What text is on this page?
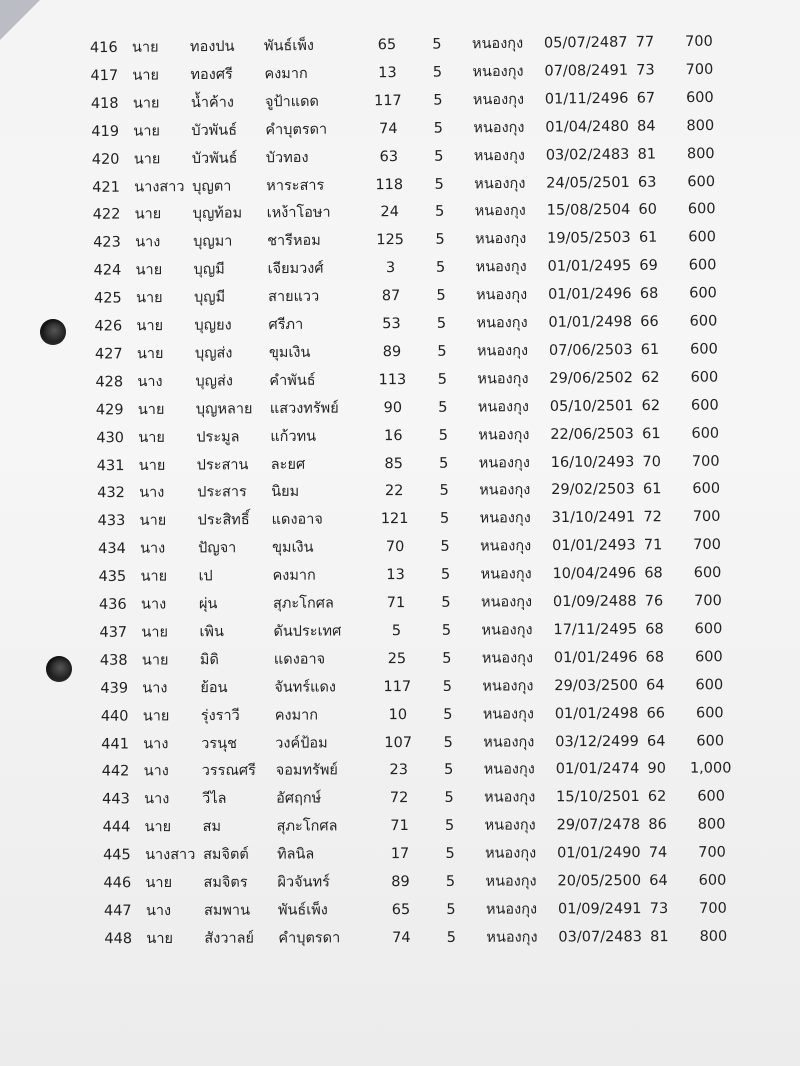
416 นาย ทองปน พันธ์เพ็ง	65	5	หนองกุง 05/07/2487 77	700
417 นาย ทองศรี คงมาก	13	5	หนองกุง 07/08/2491 73	700
418 นาย น้ำค้าง จูป้าแดด	117	5	หนองกุง 01/11/2496 67	600
419 นาย บัวพันธ์ คำบุตรดา	74	5	หนองกุง 01/04/2480 84	800
420 นาย บัวพันธ์ บัวทอง	63	5	หนองกุง 03/02/2483 81	800
421 นางสาว บุญตา หาระสาร	118	5	หนองกุง 24/05/2501 63	600
422 นาย บุญท้อม เหง้าโอษา	24	5	หนองกุง 15/08/2504 60	600
423 นาง บุญมา ชารีหอม	125	5	หนองกุง 19/05/2503 61	600
424 นาย บุญมี	เจียมวงศ์	3	5	หนองกุง 01/01/2495 69	600
425 นาย บุญมี	สายแวว	87	5	หนองกุง 01/01/2496 68	600
426 นาย บุญยง	ศรีภา	53	5	หนองกุง 01/01/2498 66	600
427 นาย บุญส่ง	ขุมเงิน	89	5	หนองกุง 07/06/2503 61	600
428 นาง บุญส่ง	คำพันธ์	113	5	หนองกุง 29/06/2502 62	600
429 นาย บุญหลาย แสวงทรัพย์	90	5	หนองกุง 05/10/2501 62	600
430 นาย ประมูล แก้วทน	16	5	หนองกุง 22/06/2503 61	600
431 นาย ประสาน ละยศ	85	5	หนองกุง 16/10/2493 70	700
432 นาง ประสาร นิยม	22	5	หนองกุง 29/02/2503 61	600
433 นาย ประสิทธิ์ แดงอาจ	121	5	หนองกุง 31/10/2491 72	700
434 นาง ปัญจา ขุมเงิน	70	5	หนองกุง 01/01/2493 71	700
435 นาย เป	คงมาก	13	5	หนองกุง 10/04/2496 68	600
436 นาง ผุ่น	สุภะโกศล	71	5	หนองกุง 01/09/2488 76	700
437 นาย เพิน	ดันประเทศ	5	5	หนองกุง 17/11/2495 68	600
438 นาย มิดิ	แดงอาจ	25	5	หนองกุง 01/01/2496 68	600
439 นาง ย้อน	จันทร์แดง	117	5	หนองกุง 29/03/2500 64	600
440 นาย รุ่งราวี คงมาก	10	5	หนองกุง 01/01/2498 66	600
441 นาง วรนุช	วงค์ป้อม	107	5	หนองกุง 03/12/2499 64	600
442 นาง วรรณศรี จอมทรัพย์	23	5	หนองกุง 01/01/2474 90	1,000
443 นาง วีไล	อัศฤกษ์	72	5	หนองกุง 15/10/2501 62	600
444 นาย สม	สุภะโกศล	71	5	หนองกุง 29/07/2478 86	800
445 นางสาว สมจิตต์ ทิลนิล	17	5	หนองกุง 01/01/2490 74	700
446 นาย สมจิตร ผิวจันทร์	89	5	หนองกุง 20/05/2500 64	600
447 นาง สมพาน พันธ์เพ็ง	65	5	หนองกุง 01/09/2491 73	700
448 นาย สังวาลย์ คำบุตรดา	74	5	หนองกุง 03/07/2483 81	800
